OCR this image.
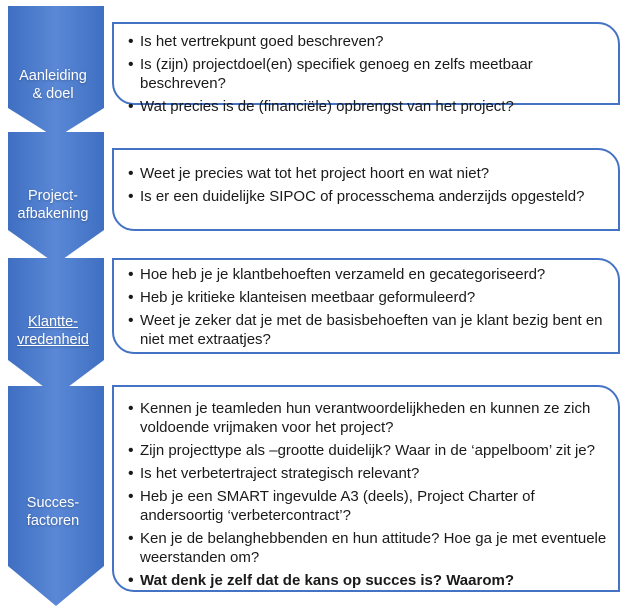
Aanleiding
& doel
Project-
afbakening
Klantte-
vredenheid
Succes-
factoren
• Is het vertrekpunt goed beschreven?
• Is (zijn) projectdoel(en) specifiek genoeg en zelfs meetbaar beschreven?
• Wat precies is de (financiële) opbrengst van het project?
• Weet je precies wat tot het project hoort en wat niet?
• Is er een duidelijke SIPOC of processchema anderzijds opgesteld?
• Hoe heb je je klantbehoeften verzameld en gecategoriseerd?
• Heb je kritieke klanteisen meetbaar geformuleerd?
• Weet je zeker dat je met de basisbehoeften van je klant bezig bent en niet met extraatjes?
• Kennen je teamleden hun verantwoordelijkheden en kunnen ze zich voldoende vrijmaken voor het project?
• Zijn projecttype als –grootte duidelijk? Waar in de ‘appelboom’ zit je?
• Is het verbetertraject strategisch relevant?
• Heb je een SMART ingevulde A3 (deels), Project Charter of andersoortig ‘verbetercontract’?
• Ken je de belanghebbenden en hun attitude? Hoe ga je met eventuele weerstanden om?
• Wat denk je zelf dat de kans op succes is? Waarom?
